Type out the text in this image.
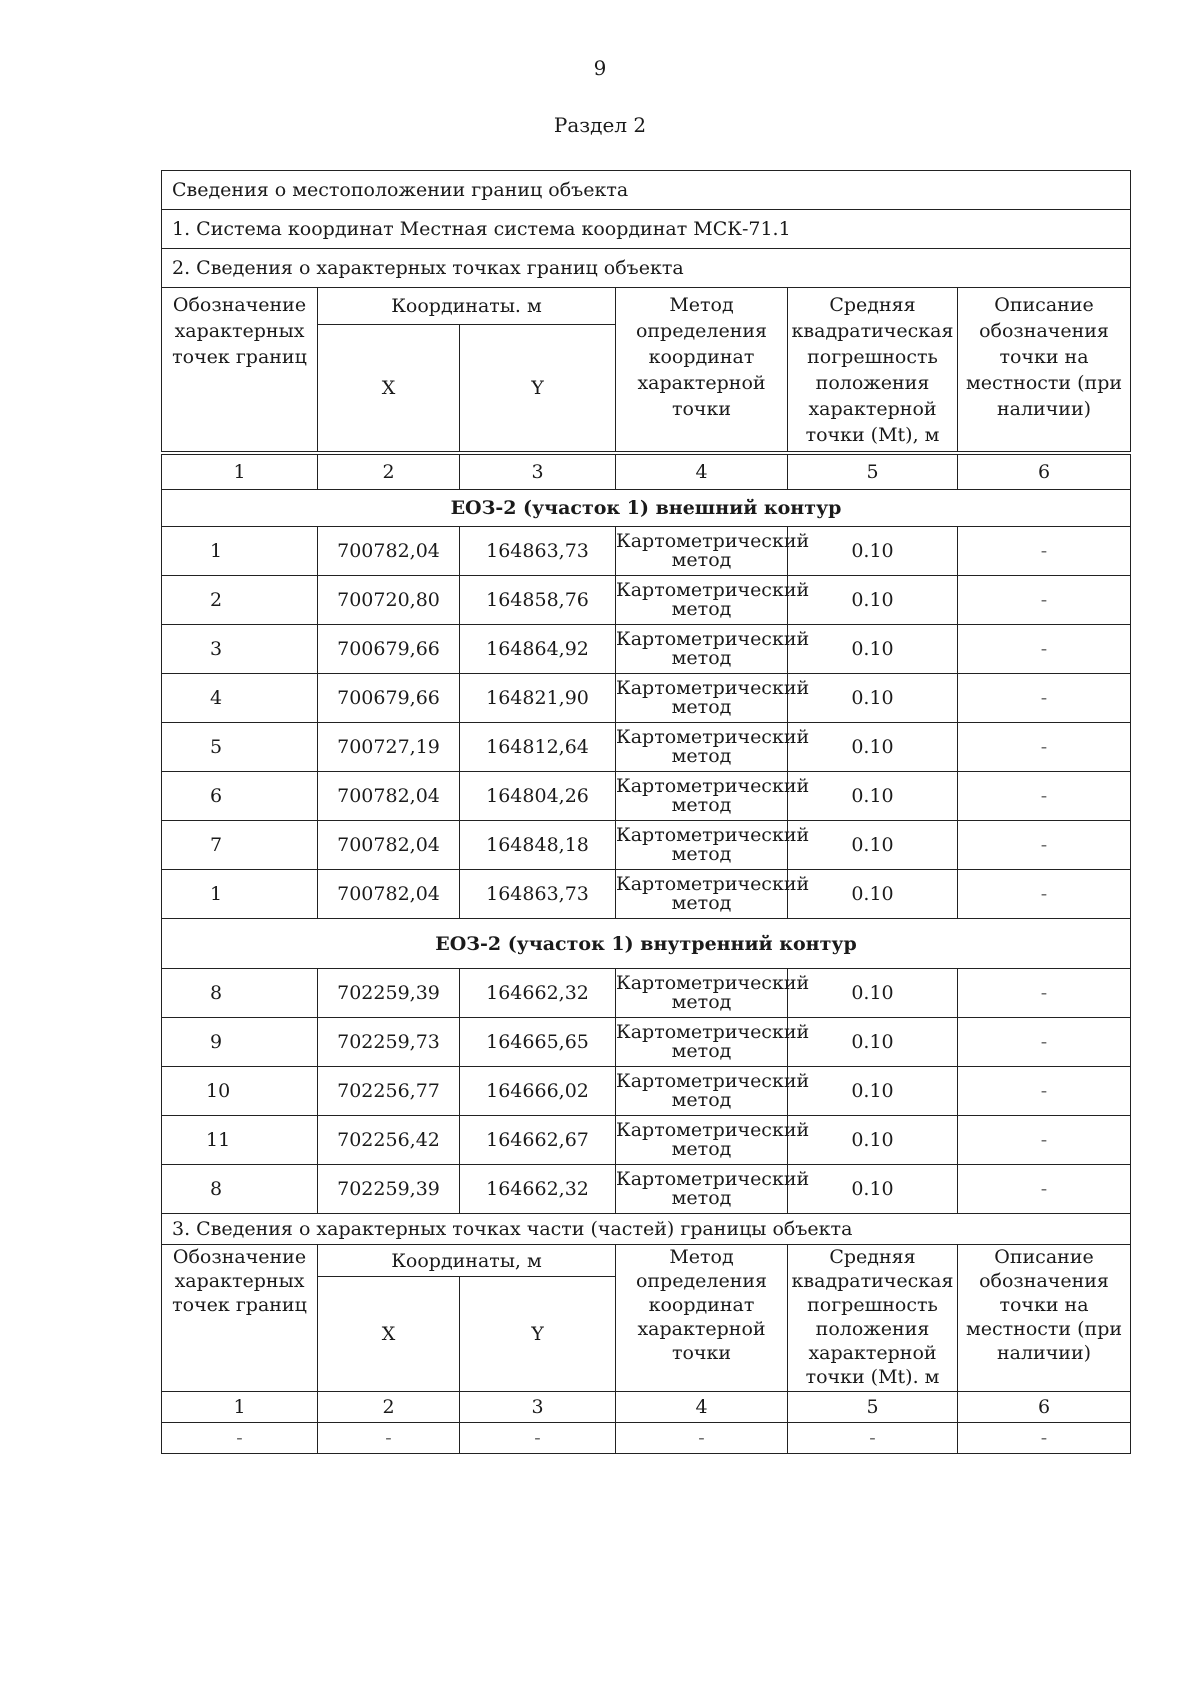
9
Раздел 2
Сведения о местоположении границ объекта					
1. Система координат Местная система координат МСК-71.1					
2. Сведения о характерных точках границ объекта					
Обозначение характерных точек границ	Координаты. м		Метод определения координат характерной точки	Средняя квадратическая погрешность положения характерной точки (Mt), м	Описание обозначения точки на местности (при наличии)
	X	Y			
1	2	3	4	5	6
ЕОЗ-2 (участок 1) внешний контур					
1	700782,04	164863,73	Картометрический метод	0.10	-
2	700720,80	164858,76	Картометрический метод	0.10	-
3	700679,66	164864,92	Картометрический метод	0.10	-
4	700679,66	164821,90	Картометрический метод	0.10	-
5	700727,19	164812,64	Картометрический метод	0.10	-
6	700782,04	164804,26	Картометрический метод	0.10	-
7	700782,04	164848,18	Картометрический метод	0.10	-
1	700782,04	164863,73	Картометрический метод	0.10	-
ЕОЗ-2 (участок 1) внутренний контур					
8	702259,39	164662,32	Картометрический метод	0.10	-
9	702259,73	164665,65	Картометрический метод	0.10	-
10	702256,77	164666,02	Картометрический метод	0.10	-
11	702256,42	164662,67	Картометрический метод	0.10	-
8	702259,39	164662,32	Картометрический метод	0.10	-
3. Сведения о характерных точках части (частей) границы объекта					
Обозначение характерных точек границ	Координаты, м		Метод определения координат характерной точки	Средняя квадратическая погрешность положения характерной точки (Mt). м	Описание обозначения точки на местности (при наличии)
	X	Y			
1	2	3	4	5	6
-	-	-	-	-	-
